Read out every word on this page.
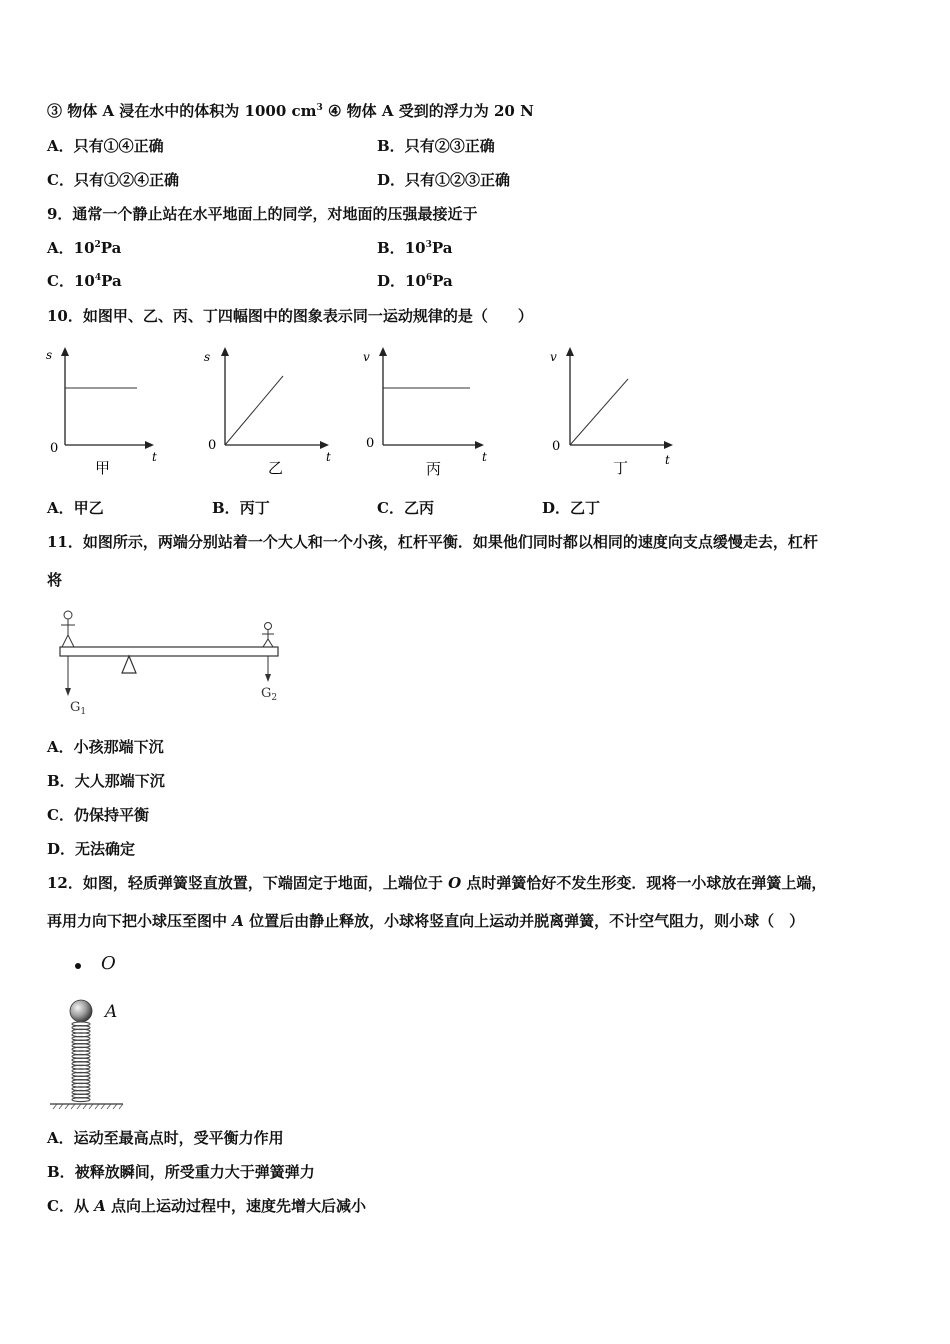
③ 物体 A 浸在水中的体积为 1000 $cm^3$ ④ 物体 A 受到的浮力为 20 N
A．只有①④正确	B．只有②③正确
C．只有①②④正确	D．只有①②③正确
9．通常一个静止站在水平地面上的同学，对地面的压强最接近于
A．$10^2Pa$	B．$10^3Pa$
C．$10^4Pa$	D．$10^6Pa$
10．如图甲、乙、丙、丁四幅图中的图象表示同一运动规律的是（　　）
s
0
t
甲
s
0
t
乙
v
0
t
丙
v
0
t
丁
A．甲乙	B．丙丁	C．乙丙	D．乙丁
11．如图所示，两端分别站着一个大人和一个小孩，杠杆平衡．如果他们同时都以相同的速度向支点缓慢走去，杠杆
将
$G_1$
$G_2$
A．小孩那端下沉
B．大人那端下沉
C．仍保持平衡
D．无法确定
12．如图，轻质弹簧竖直放置，下端固定于地面，上端位于 O 点时弹簧恰好不发生形变．现将一小球放在弹簧上端，
再用力向下把小球压至图中 A 位置后由静止释放，小球将竖直向上运动并脱离弹簧，不计空气阻力，则小球（　）
O
A
A．运动至最高点时，受平衡力作用
B．被释放瞬间，所受重力大于弹簧弹力
C．从 A 点向上运动过程中，速度先增大后减小
